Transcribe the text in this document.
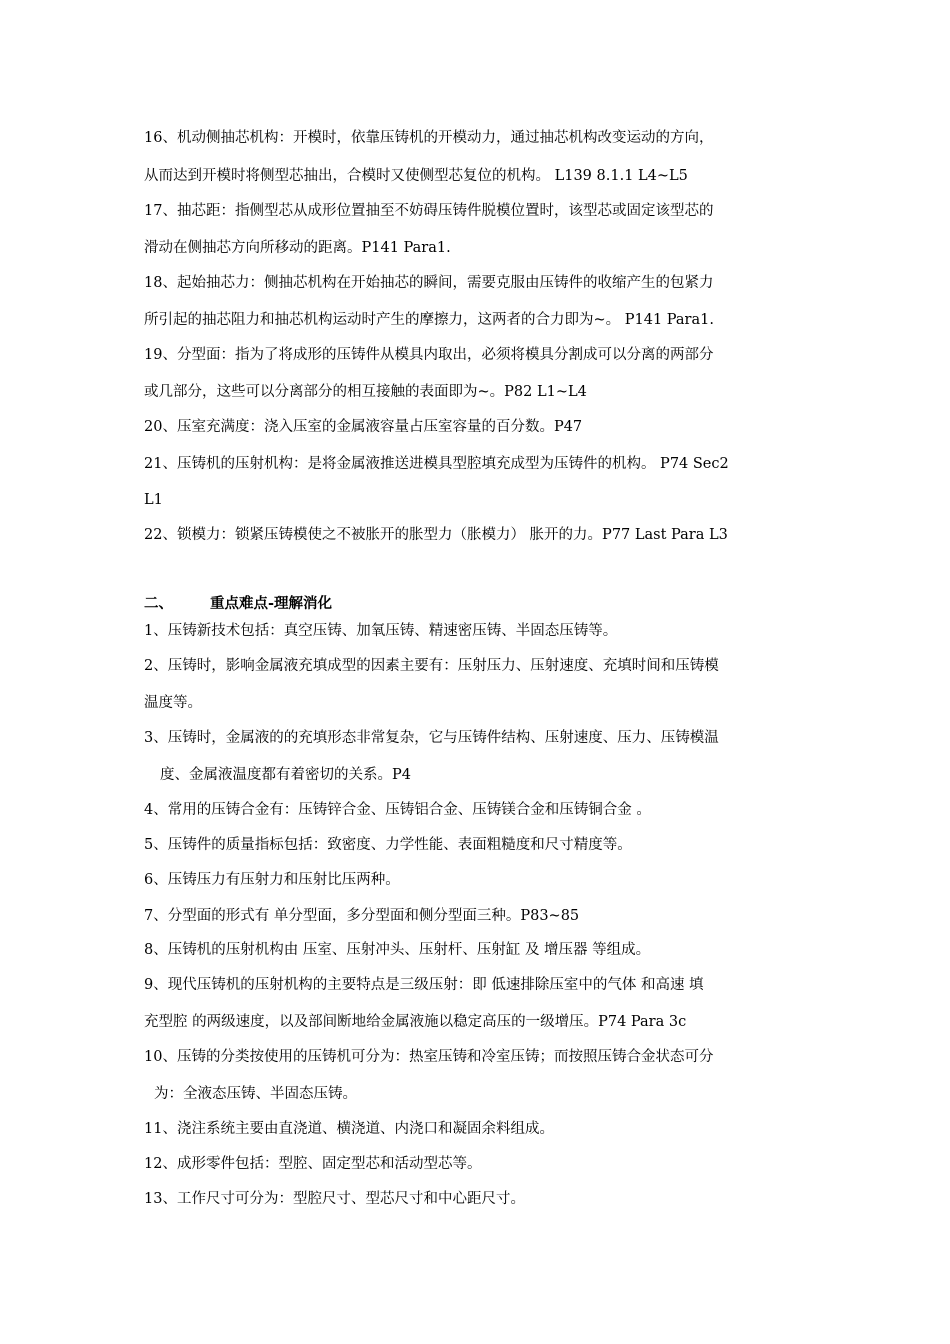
16、机动侧抽芯机构：开模时，依靠压铸机的开模动力，通过抽芯机构改变运动的方向，
从而达到开模时将侧型芯抽出，合模时又使侧型芯复位的机构。 L139 8.1.1 L4~L5
17、抽芯距：指侧型芯从成形位置抽至不妨碍压铸件脱模位置时，该型芯或固定该型芯的
滑动在侧抽芯方向所移动的距离。P141 Para1.
18、起始抽芯力：侧抽芯机构在开始抽芯的瞬间，需要克服由压铸件的收缩产生的包紧力
所引起的抽芯阻力和抽芯机构运动时产生的摩擦力，这两者的合力即为~。 P141 Para1.
19、分型面：指为了将成形的压铸件从模具内取出，必须将模具分割成可以分离的两部分
或几部分，这些可以分离部分的相互接触的表面即为~。P82 L1~L4
20、压室充满度：浇入压室的金属液容量占压室容量的百分数。P47
21、压铸机的压射机构：是将金属液推送进模具型腔填充成型为压铸件的机构。 P74 Sec2
L1
22、锁模力：锁紧压铸模使之不被胀开的胀型力（胀模力） 胀开的力。P77 Last Para L3
二、	重点难点-理解消化
1、压铸新技术包括：真空压铸、加氧压铸、精速密压铸、半固态压铸等。
2、压铸时，影响金属液充填成型的因素主要有：压射压力、压射速度、充填时间和压铸模
温度等。
3、压铸时，金属液的的充填形态非常复杂，它与压铸件结构、压射速度、压力、压铸模温
度、金属液温度都有着密切的关系。P4
4、常用的压铸合金有：压铸锌合金、压铸铝合金、压铸镁合金和压铸铜合金 。
5、压铸件的质量指标包括：致密度、力学性能、表面粗糙度和尺寸精度等。
6、压铸压力有压射力和压射比压两种。
7、分型面的形式有 单分型面，多分型面和侧分型面三种。P83~85
8、压铸机的压射机构由 压室、压射冲头、压射杆、压射缸 及 增压器 等组成。
9、现代压铸机的压射机构的主要特点是三级压射：即 低速排除压室中的气体 和高速 填
充型腔 的两级速度，以及部间断地给金属液施以稳定高压的一级增压。P74 Para 3c
10、压铸的分类按使用的压铸机可分为：热室压铸和冷室压铸；而按照压铸合金状态可分
为：全液态压铸、半固态压铸。
11、浇注系统主要由直浇道、横浇道、内浇口和凝固余料组成。
12、成形零件包括：型腔、固定型芯和活动型芯等。
13、工作尺寸可分为：型腔尺寸、型芯尺寸和中心距尺寸。
